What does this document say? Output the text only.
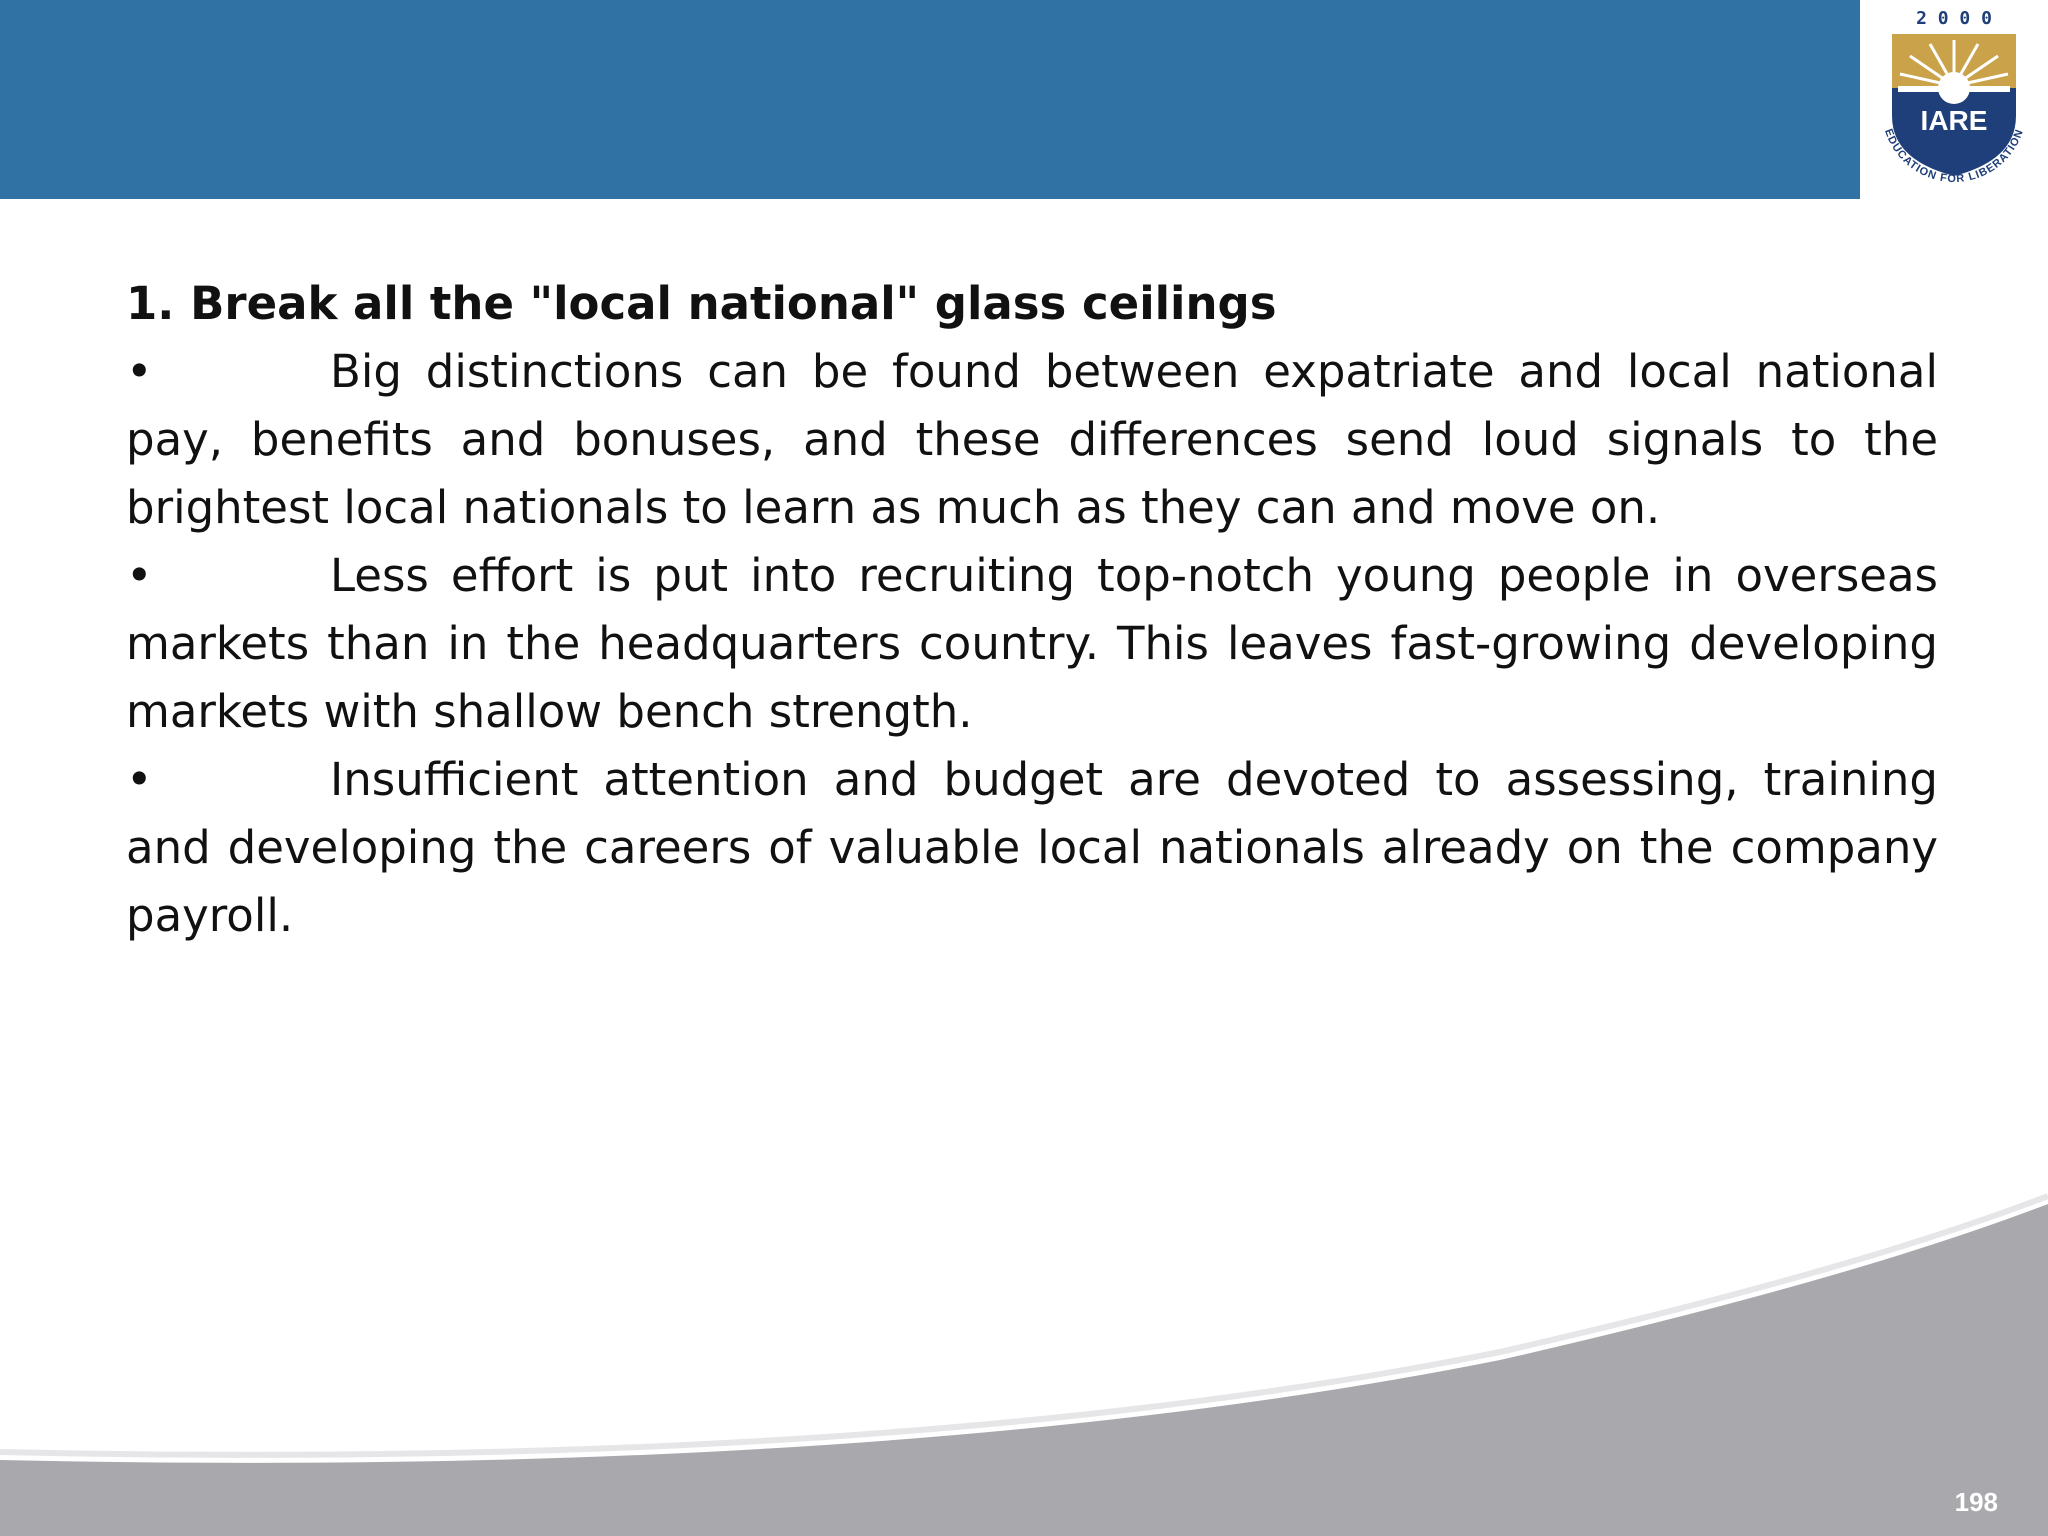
2 0 0 0
IARE
EDUCATION FOR LIBERATION

1. Break all the "local national" glass ceilings

•	Big distinctions can be found between expatriate and local national pay, benefits and bonuses, and these differences send loud signals to the brightest local nationals to learn as much as they can and move on.

•	Less effort is put into recruiting top-notch young people in overseas markets than in the headquarters country. This leaves fast-growing developing markets with shallow bench strength.

•	Insufficient attention and budget are devoted to assessing, training and developing the careers of valuable local nationals already on the company payroll.

198
